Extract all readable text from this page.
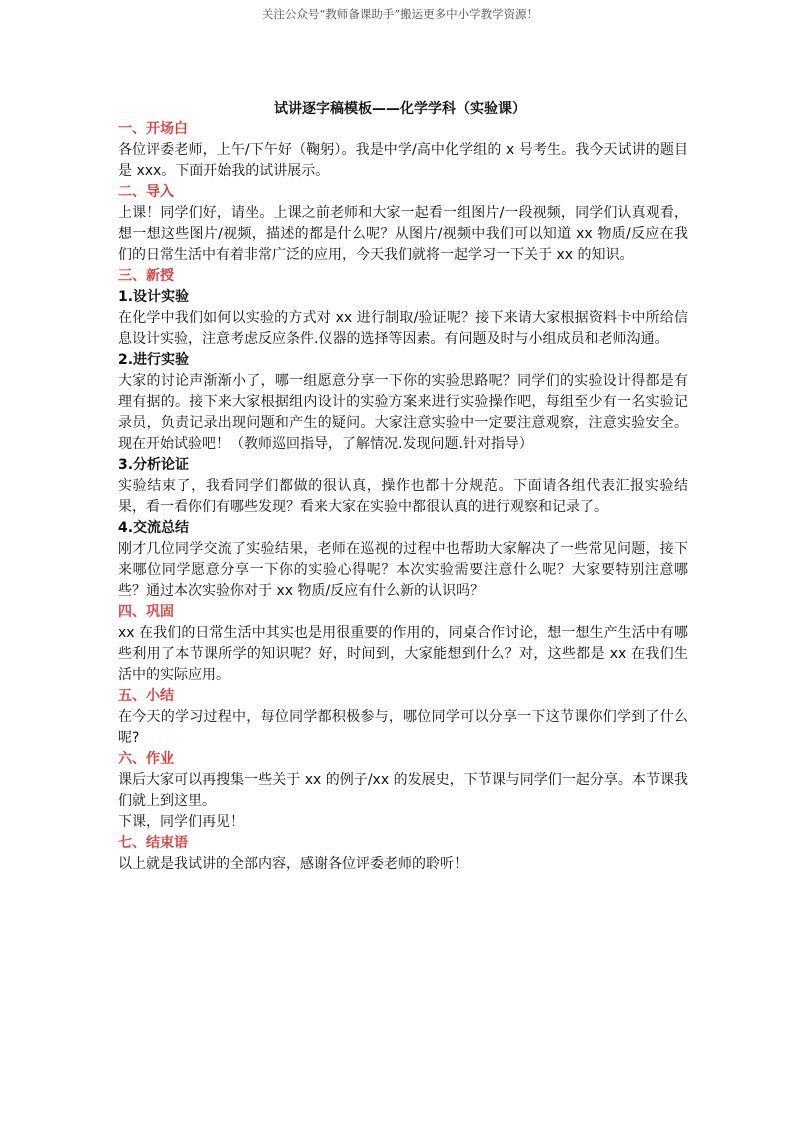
关注公众号“教师备课助手”搬运更多中小学教学资源！
试讲逐字稿模板——化学学科（实验课）

一、开场白

各位评委老师，上午/下午好（鞠躬）。我是中学/高中化学组的 x 号考生。我今天试讲的题目是 xxx。下面开始我的试讲展示。

二、导入

上课！同学们好，请坐。上课之前老师和大家一起看一组图片/一段视频，同学们认真观看，想一想这些图片/视频，描述的都是什么呢？从图片/视频中我们可以知道 xx 物质/反应在我们的日常生活中有着非常广泛的应用，今天我们就将一起学习一下关于 xx 的知识。

三、新授

1.设计实验

在化学中我们如何以实验的方式对 xx 进行制取/验证呢？接下来请大家根据资料卡中所给信息设计实验，注意考虑反应条件.仪器的选择等因素。有问题及时与小组成员和老师沟通。

2.进行实验

大家的讨论声渐渐小了，哪一组愿意分享一下你的实验思路呢？同学们的实验设计得都是有理有据的。接下来大家根据组内设计的实验方案来进行实验操作吧，每组至少有一名实验记录员，负责记录出现问题和产生的疑问。大家注意实验中一定要注意观察，注意实验安全。现在开始试验吧！（教师巡回指导，了解情况.发现问题.针对指导）

3.分析论证

实验结束了，我看同学们都做的很认真，操作也都十分规范。下面请各组代表汇报实验结果，看一看你们有哪些发现？看来大家在实验中都很认真的进行观察和记录了。

4.交流总结

刚才几位同学交流了实验结果，老师在巡视的过程中也帮助大家解决了一些常见问题，接下来哪位同学愿意分享一下你的实验心得呢？本次实验需要注意什么呢？大家要特别注意哪些？通过本次实验你对于 xx 物质/反应有什么新的认识吗？

四、巩固

xx 在我们的日常生活中其实也是用很重要的作用的，同桌合作讨论，想一想生产生活中有哪些利用了本节课所学的知识呢？好，时间到，大家能想到什么？对，这些都是 xx 在我们生活中的实际应用。

五、小结

在今天的学习过程中，每位同学都积极参与，哪位同学可以分享一下这节课你们学到了什么呢?

六、作业

课后大家可以再搜集一些关于 xx 的例子/xx 的发展史，下节课与同学们一起分享。本节课我们就上到这里。

下课，同学们再见！

七、结束语

以上就是我试讲的全部内容，感谢各位评委老师的聆听！
